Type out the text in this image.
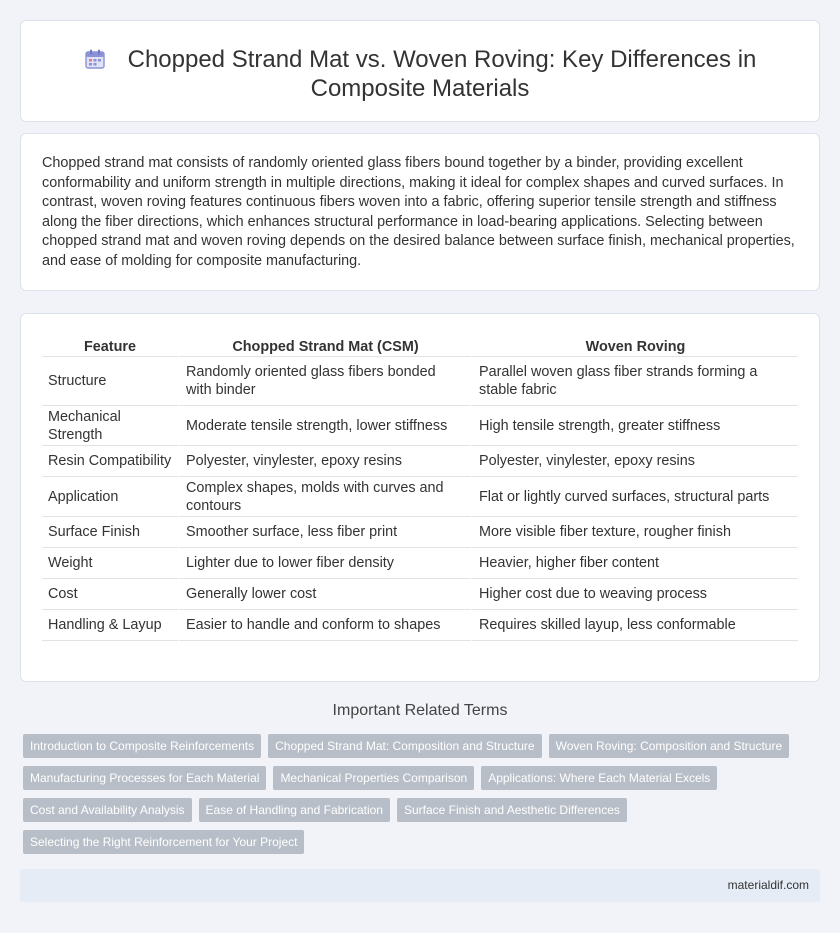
Chopped Strand Mat vs. Woven Roving: Key Differences in
Composite Materials

Chopped strand mat consists of randomly oriented glass fibers bound together by a binder, providing excellent conformability and uniform strength in multiple directions, making it ideal for complex shapes and curved surfaces. In contrast, woven roving features continuous fibers woven into a fabric, offering superior tensile strength and stiffness along the fiber directions, which enhances structural performance in load-bearing applications. Selecting between chopped strand mat and woven roving depends on the desired balance between surface finish, mechanical properties, and ease of molding for composite manufacturing.

Feature	Chopped Strand Mat (CSM)	Woven Roving
Structure	Randomly oriented glass fibers bonded with binder	Parallel woven glass fiber strands forming a stable fabric
Mechanical Strength	Moderate tensile strength, lower stiffness	High tensile strength, greater stiffness
Resin Compatibility	Polyester, vinylester, epoxy resins	Polyester, vinylester, epoxy resins
Application	Complex shapes, molds with curves and contours	Flat or lightly curved surfaces, structural parts
Surface Finish	Smoother surface, less fiber print	More visible fiber texture, rougher finish
Weight	Lighter due to lower fiber density	Heavier, higher fiber content
Cost	Generally lower cost	Higher cost due to weaving process
Handling & Layup	Easier to handle and conform to shapes	Requires skilled layup, less conformable
Important Related Terms
Introduction to Composite Reinforcements	Chopped Strand Mat: Composition and Structure	Woven Roving: Composition and Structure
Manufacturing Processes for Each Material	Mechanical Properties Comparison	Applications: Where Each Material Excels
Cost and Availability Analysis	Ease of Handling and Fabrication	Surface Finish and Aesthetic Differences
Selecting the Right Reinforcement for Your Project
materialdif.com
